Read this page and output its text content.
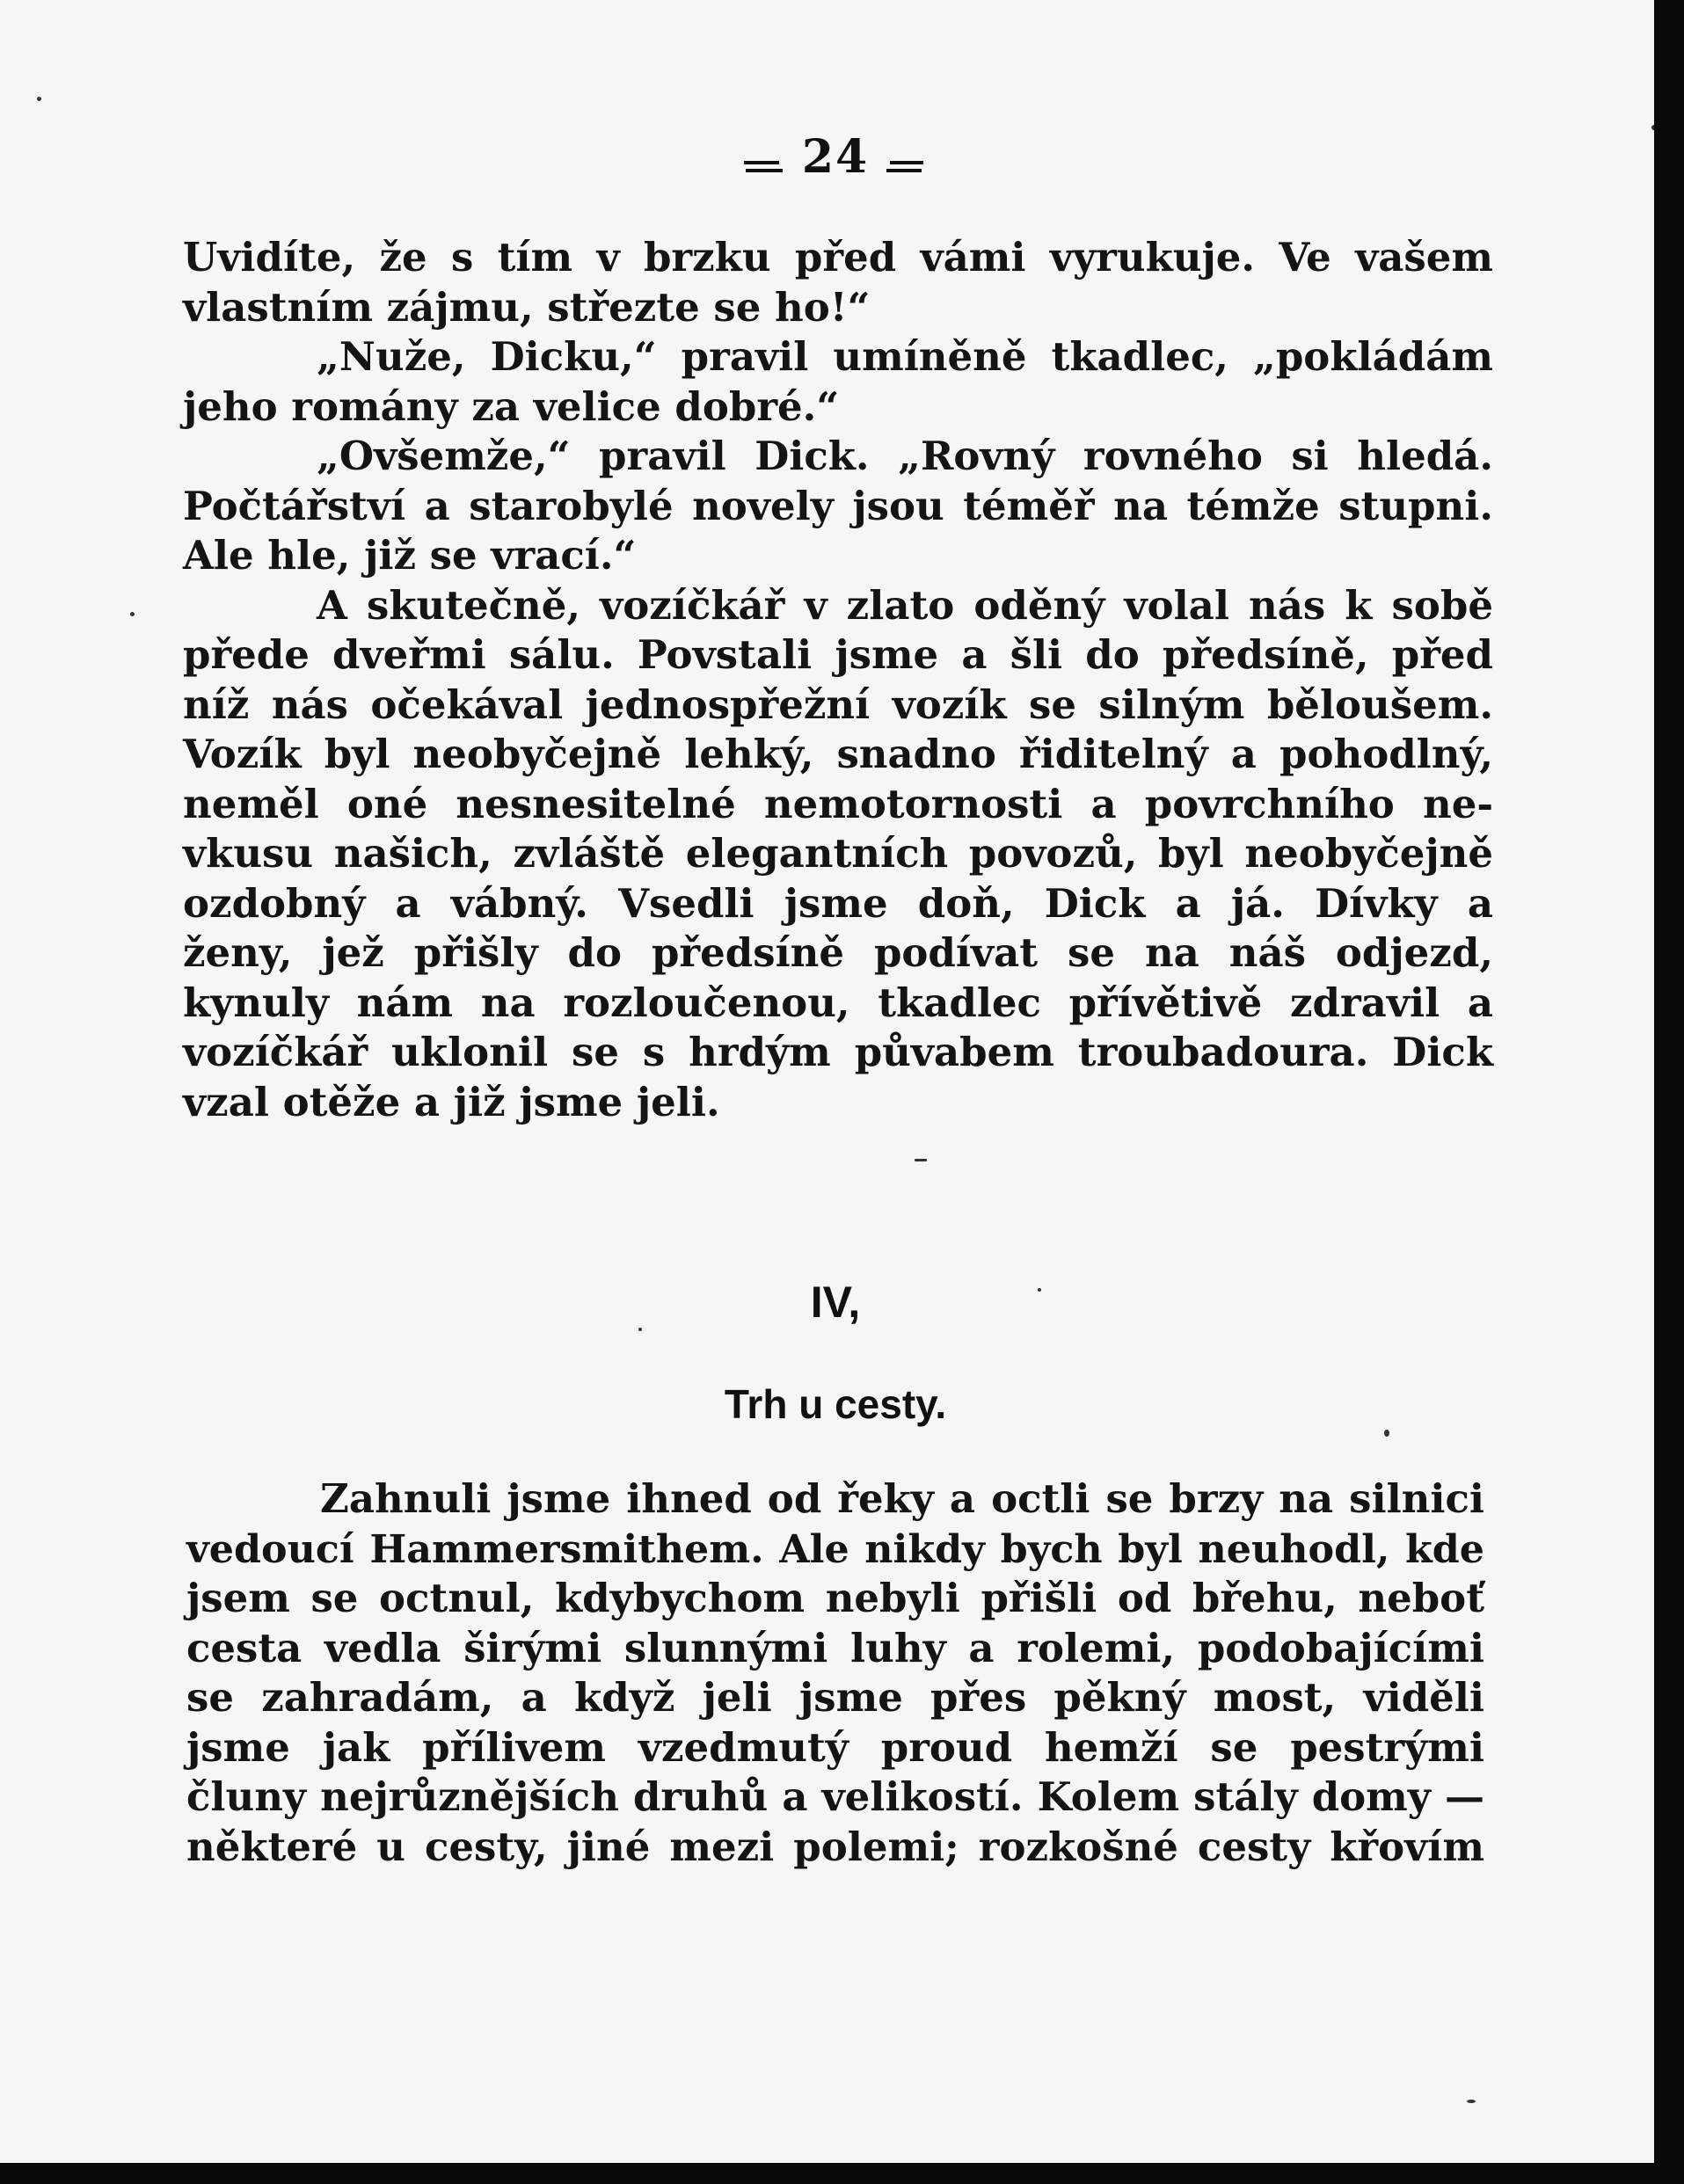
24
Uvidíte, že s tím v brzku před vámi vyrukuje. Ve vašem
vlastním zájmu, střezte se ho!“
„Nuže, Dicku,“ pravil umíněně tkadlec, „pokládám
jeho romány za velice dobré.“
„Ovšemže,“ pravil Dick. „Rovný rovného si hledá.
Počtářství a starobylé novely jsou téměř na témže stupni.
Ale hle, již se vrací.“
A skutečně, vozíčkář v zlato oděný volal nás k sobě
přede dveřmi sálu. Povstali jsme a šli do předsíně, před
níž nás očekával jednospřežní vozík se silným běloušem.
Vozík byl neobyčejně lehký, snadno řiditelný a pohodlný,
neměl oné nesnesitelné nemotornosti a povrchního ne-
vkusu našich, zvláště elegantních povozů, byl neobyčejně
ozdobný a vábný. Vsedli jsme doň, Dick a já. Dívky a
ženy, jež přišly do předsíně podívat se na náš odjezd,
kynuly nám na rozloučenou, tkadlec přívětivě zdravil a
vozíčkář uklonil se s hrdým půvabem troubadoura. Dick
vzal otěže a již jsme jeli.
IV,
Trh u cesty.
Zahnuli jsme ihned od řeky a octli se brzy na silnici
vedoucí Hammersmithem. Ale nikdy bych byl neuhodl, kde
jsem se octnul, kdybychom nebyli přišli od břehu, neboť
cesta vedla širými slunnými luhy a rolemi, podobajícími
se zahradám, a když jeli jsme přes pěkný most, viděli
jsme jak přílivem vzedmutý proud hemží se pestrými
čluny nejrůznějších druhů a velikostí. Kolem stály domy —
některé u cesty, jiné mezi polemi; rozkošné cesty křovím
